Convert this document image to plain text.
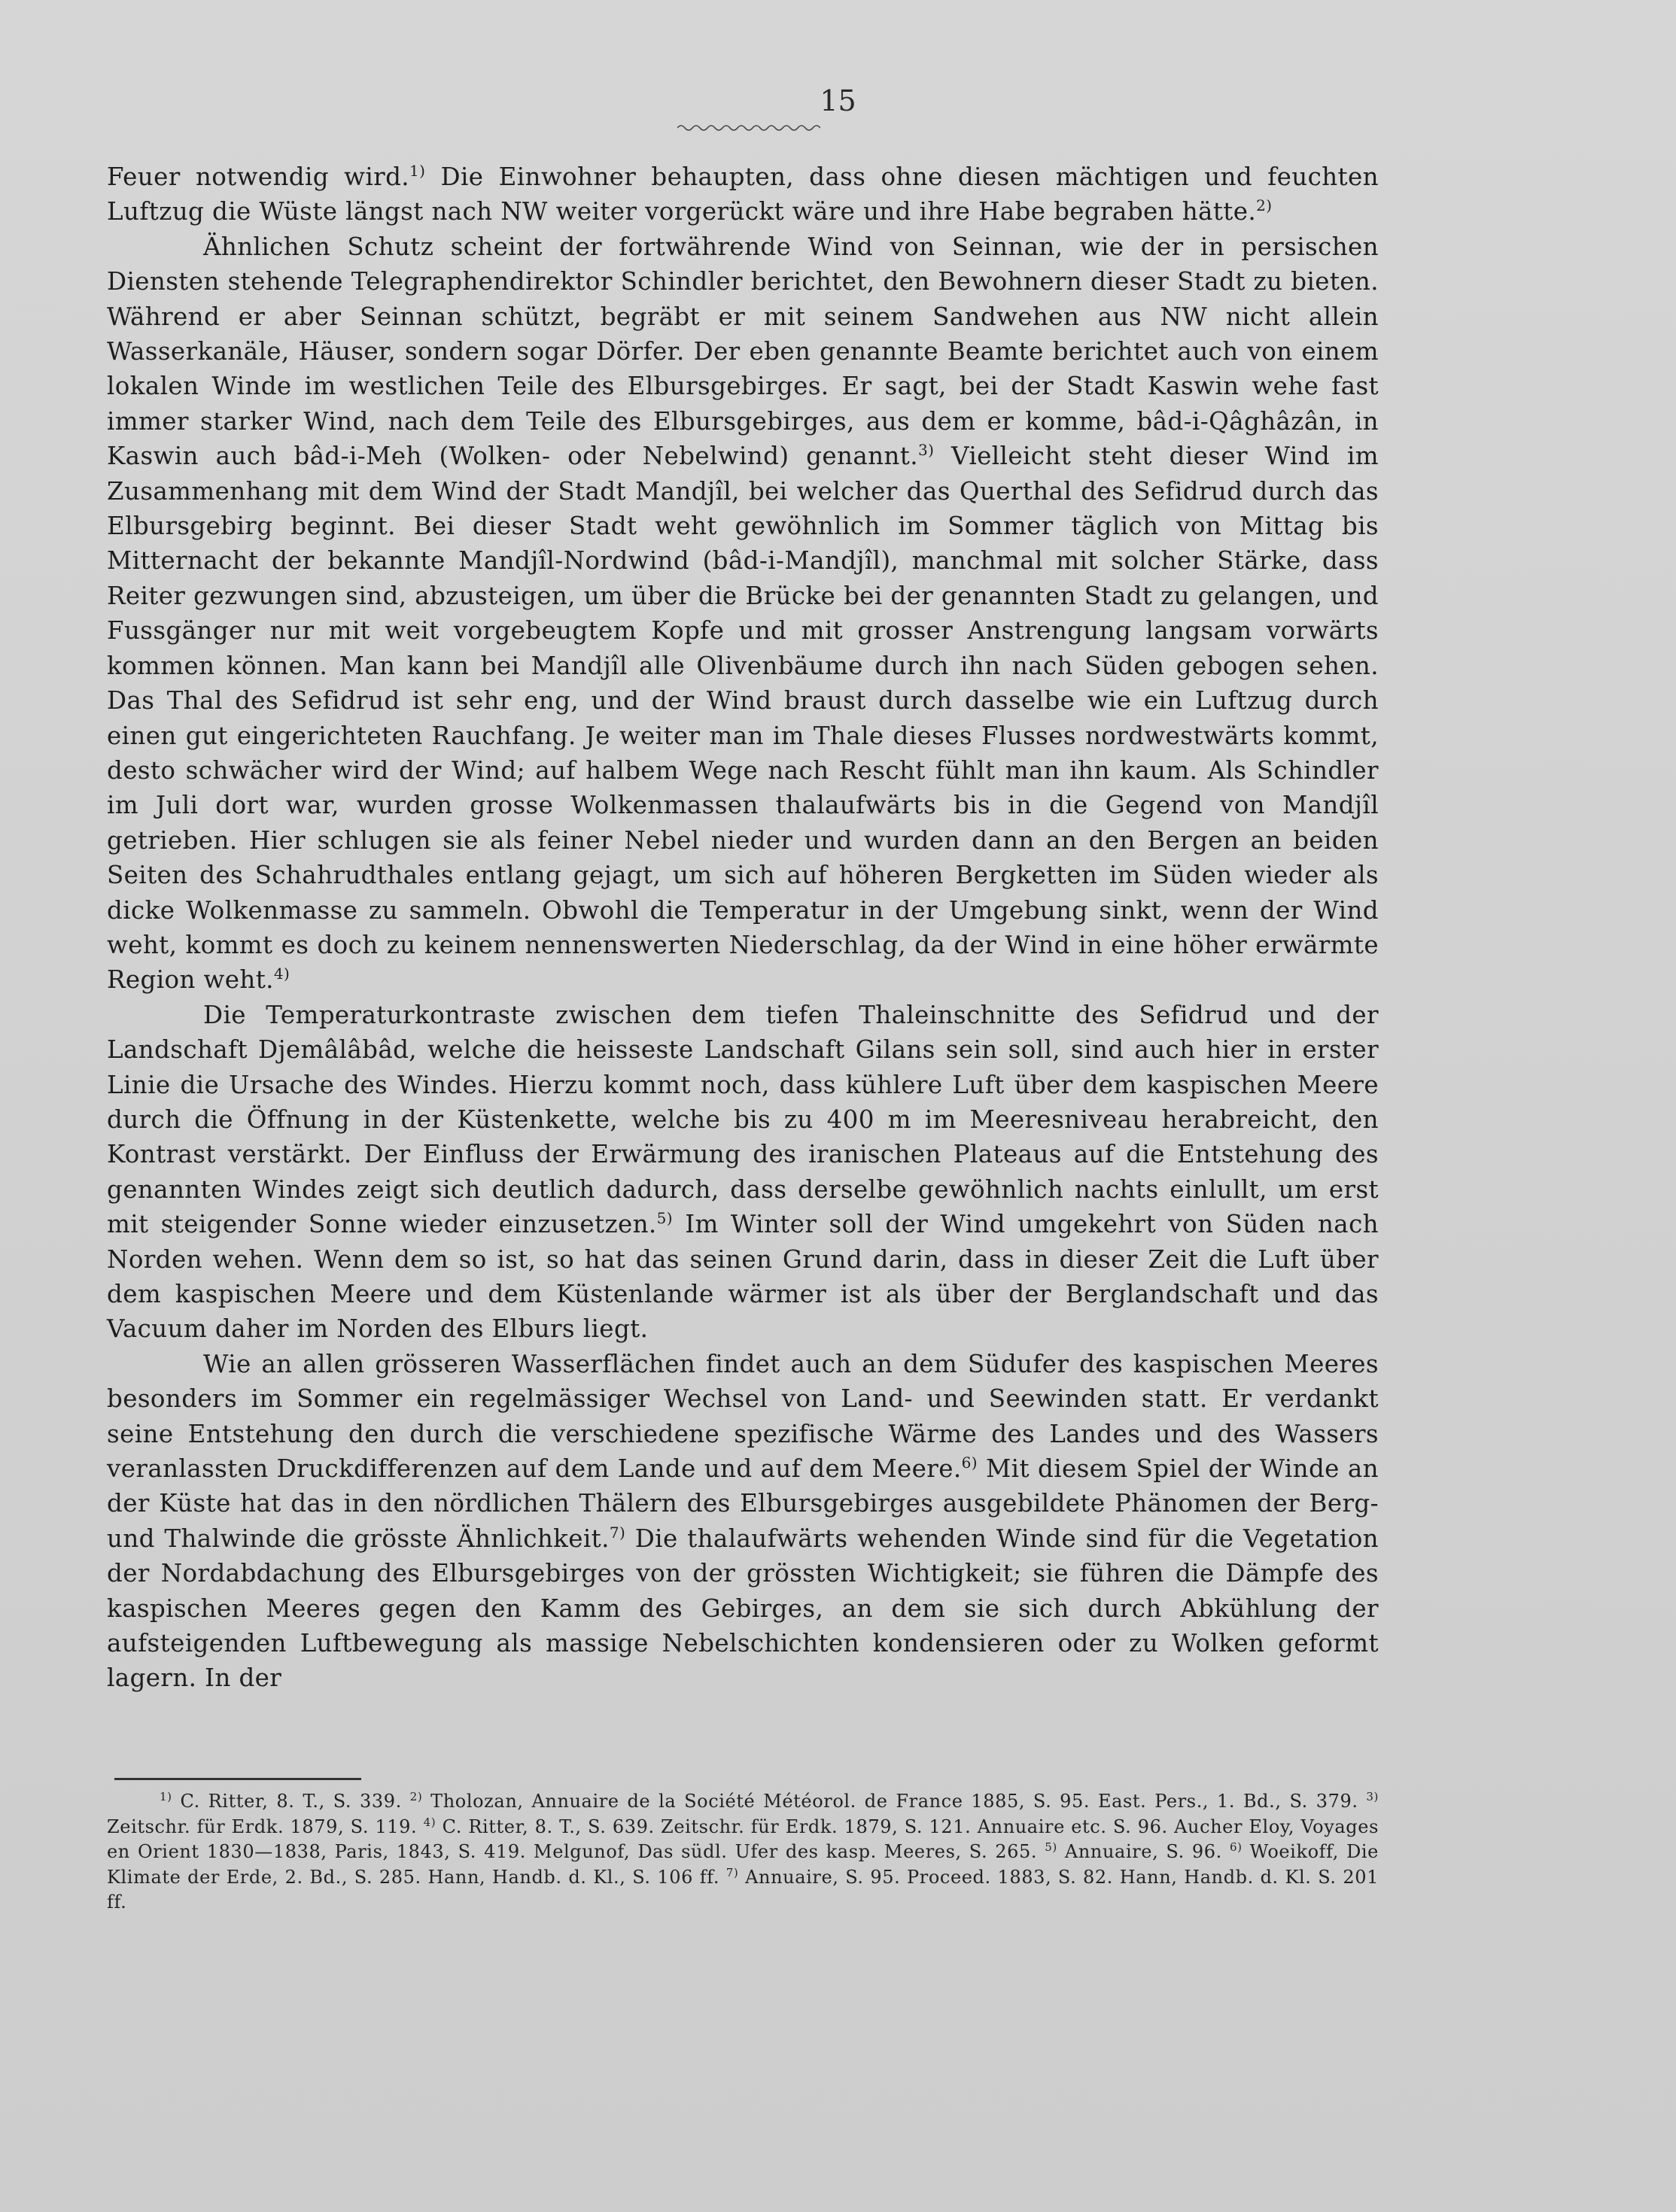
15

Feuer notwendig wird.$^{1)}$ Die Einwohner behaupten, dass ohne diesen mächtigen und feuchten Luftzug die Wüste längst nach NW weiter vorgerückt wäre und ihre Habe begraben hätte.$^{2)}$

Ähnlichen Schutz scheint der fortwährende Wind von Seinnan, wie der in persischen Diensten stehende Telegraphendirektor Schindler berichtet, den Bewohnern dieser Stadt zu bieten. Während er aber Seinnan schützt, begräbt er mit seinem Sandwehen aus NW nicht allein Wasserkanäle, Häuser, sondern sogar Dörfer. Der eben genannte Beamte berichtet auch von einem lokalen Winde im westlichen Teile des Elbursgebirges. Er sagt, bei der Stadt Kaswin wehe fast immer starker Wind, nach dem Teile des Elbursgebirges, aus dem er komme, bâd-i-Qâghâzân, in Kaswin auch bâd-i-Meh (Wolken- oder Nebelwind) genannt.$^{3)}$ Vielleicht steht dieser Wind im Zusammenhang mit dem Wind der Stadt Mandjîl, bei welcher das Querthal des Sefidrud durch das Elbursgebirg beginnt. Bei dieser Stadt weht gewöhnlich im Sommer täglich von Mittag bis Mitternacht der bekannte Mandjîl-Nordwind (bâd-i-Mandjîl), manchmal mit solcher Stärke, dass Reiter gezwungen sind, abzusteigen, um über die Brücke bei der genannten Stadt zu gelangen, und Fussgänger nur mit weit vorgebeugtem Kopfe und mit grosser Anstrengung langsam vorwärts kommen können. Man kann bei Mandjîl alle Olivenbäume durch ihn nach Süden gebogen sehen. Das Thal des Sefidrud ist sehr eng, und der Wind braust durch dasselbe wie ein Luftzug durch einen gut eingerichteten Rauchfang. Je weiter man im Thale dieses Flusses nordwestwärts kommt, desto schwächer wird der Wind; auf halbem Wege nach Rescht fühlt man ihn kaum. Als Schindler im Juli dort war, wurden grosse Wolkenmassen thalaufwärts bis in die Gegend von Mandjîl getrieben. Hier schlugen sie als feiner Nebel nieder und wurden dann an den Bergen an beiden Seiten des Schahrudthales entlang gejagt, um sich auf höheren Bergketten im Süden wieder als dicke Wolkenmasse zu sammeln. Obwohl die Temperatur in der Umgebung sinkt, wenn der Wind weht, kommt es doch zu keinem nennenswerten Niederschlag, da der Wind in eine höher erwärmte Region weht.$^{4)}$

Die Temperaturkontraste zwischen dem tiefen Thaleinschnitte des Sefidrud und der Landschaft Djemâlâbâd, welche die heisseste Landschaft Gilans sein soll, sind auch hier in erster Linie die Ursache des Windes. Hierzu kommt noch, dass kühlere Luft über dem kaspischen Meere durch die Öffnung in der Küstenkette, welche bis zu 400 m im Meeresniveau herabreicht, den Kontrast verstärkt. Der Einfluss der Erwärmung des iranischen Plateaus auf die Entstehung des genannten Windes zeigt sich deutlich dadurch, dass derselbe gewöhnlich nachts einlullt, um erst mit steigender Sonne wieder einzusetzen.$^{5)}$ Im Winter soll der Wind umgekehrt von Süden nach Norden wehen. Wenn dem so ist, so hat das seinen Grund darin, dass in dieser Zeit die Luft über dem kaspischen Meere und dem Küstenlande wärmer ist als über der Berglandschaft und das Vacuum daher im Norden des Elburs liegt.

Wie an allen grösseren Wasserflächen findet auch an dem Südufer des kaspischen Meeres besonders im Sommer ein regelmässiger Wechsel von Land- und Seewinden statt. Er verdankt seine Entstehung den durch die verschiedene spezifische Wärme des Landes und des Wassers veranlassten Druckdifferenzen auf dem Lande und auf dem Meere.$^{6)}$ Mit diesem Spiel der Winde an der Küste hat das in den nördlichen Thälern des Elbursgebirges ausgebildete Phänomen der Berg- und Thalwinde die grösste Ähnlichkeit.$^{7)}$ Die thalaufwärts wehenden Winde sind für die Vegetation der Nordabdachung des Elbursgebirges von der grössten Wichtigkeit; sie führen die Dämpfe des kaspischen Meeres gegen den Kamm des Gebirges, an dem sie sich durch Abkühlung der aufsteigenden Luftbewegung als massige Nebelschichten kondensieren oder zu Wolken geformt lagern. In der

$^{1)}$ C. Ritter, 8. T., S. 339. $^{2)}$ Tholozan, Annuaire de la Société Météorol. de France 1885, S. 95. East. Pers., 1. Bd., S. 379. $^{3)}$ Zeitschr. für Erdk. 1879, S. 119. $^{4)}$ C. Ritter, 8. T., S. 639. Zeitschr. für Erdk. 1879, S. 121. Annuaire etc. S. 96. Aucher Eloy, Voyages en Orient 1830—1838, Paris, 1843, S. 419. Melgunof, Das südl. Ufer des kasp. Meeres, S. 265. $^{5)}$ Annuaire, S. 96. $^{6)}$ Woeikoff, Die Klimate der Erde, 2. Bd., S. 285. Hann, Handb. d. Kl., S. 106 ff. $^{7)}$ Annuaire, S. 95. Proceed. 1883, S. 82. Hann, Handb. d. Kl. S. 201 ff.
